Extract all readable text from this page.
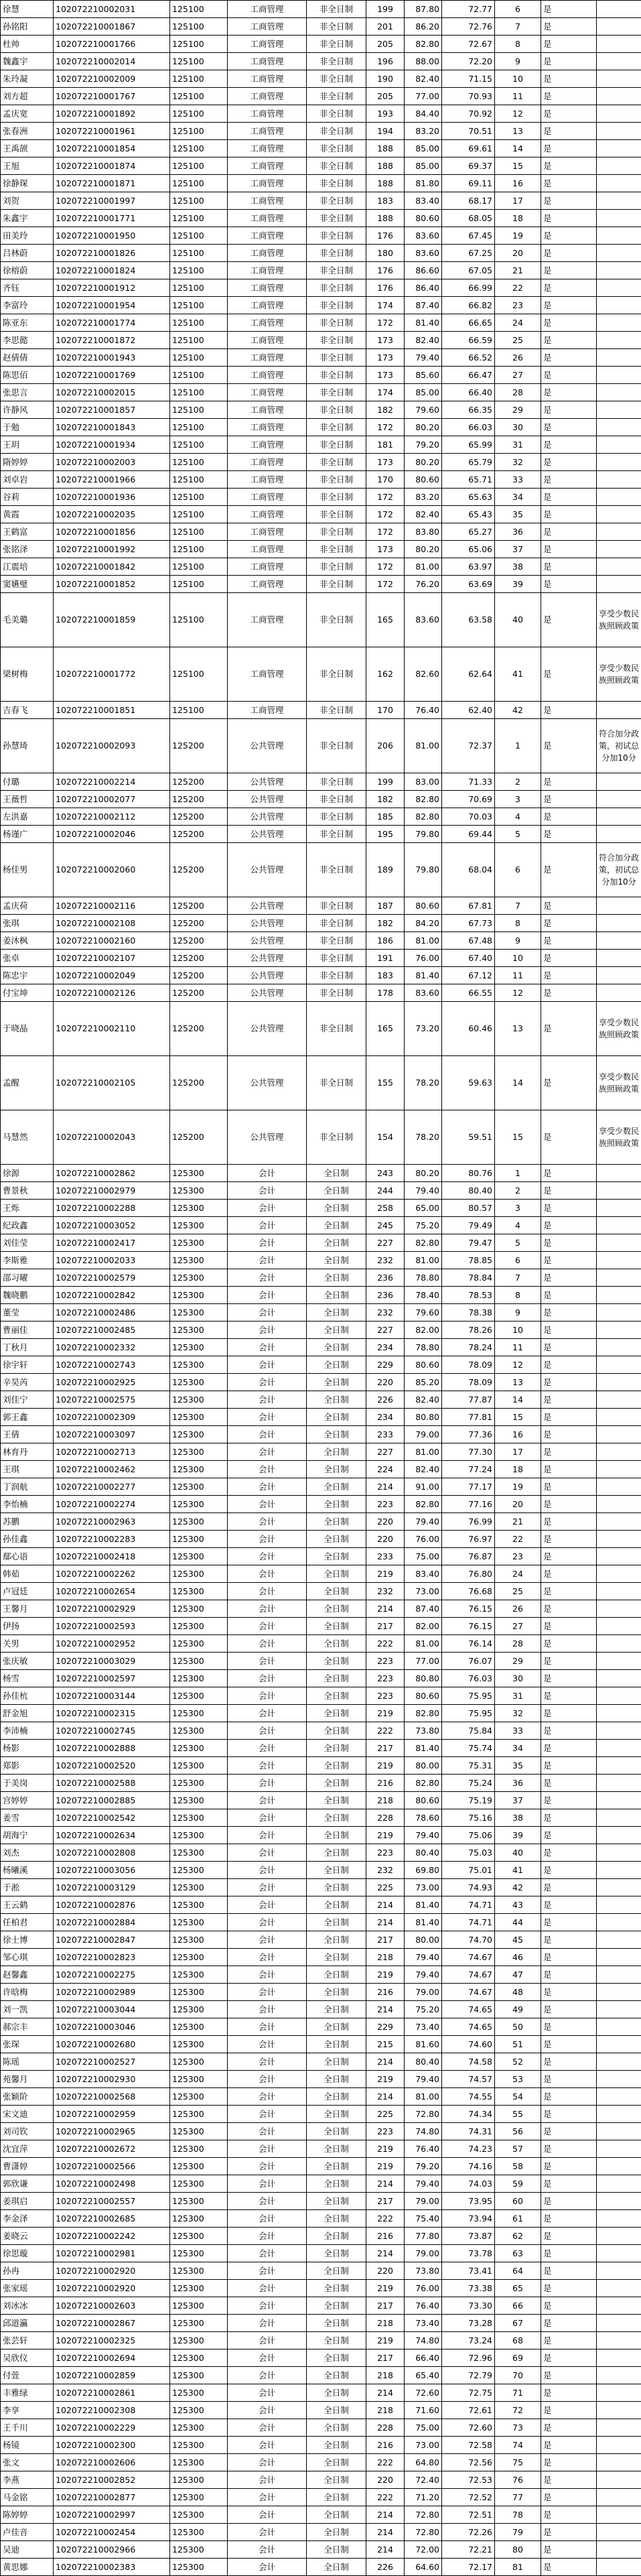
徐慧	102072210002031	125100	工商管理	非全日制	199	87.80	72.77	6	是	
孙铭阳	102072210001867	125100	工商管理	非全日制	201	86.20	72.76	7	是	
杜帅	102072210001766	125100	工商管理	非全日制	205	82.80	72.67	8	是	
魏鑫宇	102072210002014	125100	工商管理	非全日制	196	88.00	72.20	9	是	
朱玲凝	102072210002009	125100	工商管理	非全日制	190	82.40	71.15	10	是	
刘方超	102072210001767	125100	工商管理	非全日制	205	77.00	70.93	11	是	
孟庆宽	102072210001892	125100	工商管理	非全日制	193	84.40	70.92	12	是	
张春洲	102072210001961	125100	工商管理	非全日制	194	83.20	70.51	13	是	
王禹颉	102072210001854	125100	工商管理	非全日制	188	85.00	69.61	14	是	
王旭	102072210001874	125100	工商管理	非全日制	188	85.00	69.37	15	是	
徐静琛	102072210001871	125100	工商管理	非全日制	188	81.80	69.11	16	是	
刘贺	102072210001997	125100	工商管理	非全日制	183	83.40	68.17	17	是	
朱鑫宇	102072210001771	125100	工商管理	非全日制	188	80.60	68.05	18	是	
田美玲	102072210001950	125100	工商管理	非全日制	176	83.60	67.45	19	是	
吕林蔚	102072210001826	125100	工商管理	非全日制	180	83.60	67.25	20	是	
徐榕蔚	102072210001824	125100	工商管理	非全日制	176	86.60	67.05	21	是	
齐钰	102072210001912	125100	工商管理	非全日制	176	86.40	66.99	22	是	
李富玲	102072210001954	125100	工商管理	非全日制	174	87.40	66.82	23	是	
陈亚东	102072210001774	125100	工商管理	非全日制	172	81.40	66.65	24	是	
李思懿	102072210001872	125100	工商管理	非全日制	173	82.40	66.59	25	是	
赵倩倩	102072210001943	125100	工商管理	非全日制	173	79.40	66.52	26	是	
陈思佰	102072210001769	125100	工商管理	非全日制	173	85.60	66.47	27	是	
张思言	102072210002015	125100	工商管理	非全日制	174	85.00	66.40	28	是	
许静风	102072210001857	125100	工商管理	非全日制	182	79.60	66.35	29	是	
于勉	102072210001843	125100	工商管理	非全日制	172	80.20	66.03	30	是	
王玥	102072210001934	125100	工商管理	非全日制	181	79.20	65.99	31	是	
隋婷婷	102072210002003	125100	工商管理	非全日制	173	80.20	65.79	32	是	
刘卓岩	102072210001966	125100	工商管理	非全日制	170	80.60	65.71	33	是	
谷莉	102072210001936	125100	工商管理	非全日制	172	83.20	65.63	34	是	
黄霞	102072210002035	125100	工商管理	非全日制	172	82.40	65.43	35	是	
王鹤富	102072210001856	125100	工商管理	非全日制	172	83.80	65.27	36	是	
张铭泽	102072210001992	125100	工商管理	非全日制	173	80.20	65.06	37	是	
江震培	102072210001842	125100	工商管理	非全日制	172	81.00	63.97	38	是	
窦嬿璧	102072210001852	125100	工商管理	非全日制	172	76.20	63.69	39	是	
毛美璐	102072210001859	125100	工商管理	非全日制	165	83.60	63.58	40	是	享受少数民族照顾政策
梁树梅	102072210001772	125100	工商管理	非全日制	162	82.60	62.64	41	是	享受少数民族照顾政策
吉春飞	102072210001851	125100	工商管理	非全日制	170	76.40	62.40	42	是	
孙慧琦	102072210002093	125200	公共管理	非全日制	206	81.00	72.37	1	是	符合加分政策，初试总分加10分
付璐	102072210002214	125200	公共管理	非全日制	199	83.00	71.33	2	是	
王薇哲	102072210002077	125200	公共管理	非全日制	182	82.80	70.69	3	是	
左洪嘉	102072210002112	125200	公共管理	非全日制	185	82.80	70.03	4	是	
杨谨广	102072210002046	125200	公共管理	非全日制	195	79.80	69.44	5	是	
杨佳男	102072210002060	125200	公共管理	非全日制	189	79.80	68.04	6	是	符合加分政策，初试总分加10分
孟庆荷	102072210002116	125200	公共管理	非全日制	187	80.60	67.81	7	是	
张琪	102072210002108	125200	公共管理	非全日制	182	84.20	67.73	8	是	
姜沐枫	102072210002160	125200	公共管理	非全日制	186	81.00	67.48	9	是	
张卓	102072210002107	125200	公共管理	非全日制	191	76.00	67.40	10	是	
陈忠宇	102072210002049	125200	公共管理	非全日制	183	81.40	67.12	11	是	
付宝坤	102072210002126	125200	公共管理	非全日制	178	83.60	66.55	12	是	
于晓晶	102072210002110	125200	公共管理	非全日制	165	73.20	60.46	13	是	享受少数民族照顾政策
孟醒	102072210002105	125200	公共管理	非全日制	155	78.20	59.63	14	是	享受少数民族照顾政策
马慧然	102072210002043	125200	公共管理	非全日制	154	78.20	59.51	15	是	享受少数民族照顾政策
徐源	102072210002862	125300	会计	全日制	243	80.20	80.76	1	是	
曹景秋	102072210002979	125300	会计	全日制	244	79.40	80.40	2	是	
王烁	102072210002288	125300	会计	全日制	258	65.00	80.57	3	是	
纪政鑫	102072210003052	125300	会计	全日制	245	75.20	79.49	4	是	
刘佳莹	102072210002417	125300	会计	全日制	227	82.80	79.47	5	是	
李斯雅	102072210002033	125300	会计	全日制	232	81.00	78.85	6	是	
邵习曜	102072210002579	125300	会计	全日制	236	78.80	78.84	7	是	
魏晓鹏	102072210002842	125300	会计	全日制	236	78.40	78.53	8	是	
董莹	102072210002486	125300	会计	全日制	232	79.60	78.38	9	是	
曹丽佳	102072210002485	125300	会计	全日制	227	82.00	78.26	10	是	
丁秋月	102072210002332	125300	会计	全日制	234	78.80	78.24	11	是	
徐宇轩	102072210002743	125300	会计	全日制	229	80.60	78.09	12	是	
辛昊芮	102072210002925	125300	会计	全日制	220	85.20	78.09	13	是	
刘佳宁	102072210002575	125300	会计	全日制	226	82.40	77.87	14	是	
郭王鑫	102072210002309	125300	会计	全日制	234	80.80	77.81	15	是	
王倩	102072210003097	125300	会计	全日制	233	79.00	77.36	16	是	
林育丹	102072210002713	125300	会计	全日制	227	81.00	77.30	17	是	
王琪	102072210002462	125300	会计	全日制	224	82.40	77.24	18	是	
丁润航	102072210002277	125300	会计	全日制	214	91.00	77.17	19	是	
李怡楠	102072210002274	125300	会计	全日制	223	82.80	77.16	20	是	
苏鹏	102072210002963	125300	会计	全日制	220	79.40	76.99	21	是	
孙佳鑫	102072210002283	125300	会计	全日制	220	76.00	76.97	22	是	
鄢心语	102072210002418	125300	会计	全日制	233	75.00	76.87	23	是	
韩茹	102072210002262	125300	会计	全日制	219	83.40	76.80	24	是	
卢冠廷	102072210002654	125300	会计	全日制	232	73.00	76.68	25	是	
王馨月	102072210002929	125300	会计	全日制	214	87.40	76.15	26	是	
伊扬	102072210002593	125300	会计	全日制	217	82.00	76.15	27	是	
关男	102072210002952	125300	会计	全日制	222	81.00	76.14	28	是	
张庆敏	102072210003029	125300	会计	全日制	223	77.00	76.07	29	是	
杨雪	102072210002597	125300	会计	全日制	223	80.80	76.03	30	是	
孙佳杭	102072210003144	125300	会计	全日制	223	80.60	75.95	31	是	
舒金旭	102072210002315	125300	会计	全日制	219	82.80	75.95	32	是	
李沛楠	102072210002745	125300	会计	全日制	222	73.80	75.84	33	是	
杨影	102072210002888	125300	会计	全日制	217	81.40	75.74	34	是	
郑影	102072210002520	125300	会计	全日制	219	80.00	75.31	35	是	
于美岗	102072210002588	125300	会计	全日制	216	82.80	75.24	36	是	
宫婷婷	102072210002885	125300	会计	全日制	218	80.60	75.19	37	是	
姜雪	102072210002542	125300	会计	全日制	228	78.60	75.16	38	是	
胡海宁	102072210002634	125300	会计	全日制	219	79.40	75.06	39	是	
刘杰	102072210002808	125300	会计	全日制	223	80.40	75.03	40	是	
杨曦溪	102072210003056	125300	会计	全日制	232	69.80	75.01	41	是	
于淞	102072210003129	125300	会计	全日制	225	73.00	74.93	42	是	
王云鹤	102072210002876	125300	会计	全日制	214	81.40	74.71	43	是	
任柏君	102072210002884	125300	会计	全日制	214	81.40	74.71	44	是	
徐士博	102072210002847	125300	会计	全日制	217	80.00	74.70	45	是	
邹心琪	102072210002823	125300	会计	全日制	218	79.40	74.67	46	是	
赵馨鑫	102072210002275	125300	会计	全日制	219	79.40	74.67	47	是	
许晗梅	102072210002989	125300	会计	全日制	216	79.00	74.67	48	是	
刘一凯	102072210003044	125300	会计	全日制	214	75.20	74.65	49	是	
郝宗丰	102072210003046	125300	会计	全日制	229	73.40	74.65	50	是	
张琛	102072210002680	125300	会计	全日制	215	81.60	74.60	51	是	
陈瑶	102072210002527	125300	会计	全日制	214	80.40	74.58	52	是	
苑馨月	102072210002930	125300	会计	全日制	219	79.40	74.57	53	是	
张颖阶	102072210002568	125300	会计	全日制	214	81.00	74.55	54	是	
宋文迪	102072210002959	125300	会计	全日制	225	72.80	74.34	55	是	
刘司钦	102072210002965	125300	会计	全日制	223	74.80	74.31	56	是	
沈宜萍	102072210002672	125300	会计	全日制	219	76.40	74.23	57	是	
曹潇婷	102072210002566	125300	会计	全日制	219	79.20	74.16	58	是	
郭欣谦	102072210002498	125300	会计	全日制	214	79.40	74.03	59	是	
姜琪启	102072210002557	125300	会计	全日制	217	79.00	73.95	60	是	
李金泽	102072210002685	125300	会计	全日制	222	75.40	73.94	61	是	
姜晓云	102072210002242	125300	会计	全日制	216	77.80	73.87	62	是	
徐思璇	102072210002981	125300	会计	全日制	214	79.00	73.78	63	是	
孙冉	102072210002920	125300	会计	全日制	220	73.80	73.41	64	是	
张家瑶	102072210002920	125300	会计	全日制	219	76.00	73.38	65	是	
刘冰冰	102072210002603	125300	会计	全日制	217	76.40	73.30	66	是	
邱道瀛	102072210002867	125300	会计	全日制	218	73.40	73.28	67	是	
张芸轩	102072210002325	125300	会计	全日制	219	74.80	73.24	68	是	
吴欣仪	102072210002694	125300	会计	全日制	217	66.40	72.96	69	是	
付萱	102072210002859	125300	会计	全日制	218	65.40	72.79	70	是	
丰雅绿	102072210002861	125300	会计	全日制	214	72.60	72.75	71	是	
李享	102072210002308	125300	会计	全日制	218	71.60	72.61	72	是	
王千川	102072210002229	125300	会计	全日制	228	75.00	72.60	73	是	
杨镜	102072210002300	125300	会计	全日制	216	73.00	72.58	74	是	
张文	102072210002606	125300	会计	全日制	222	64.80	72.56	75	是	
李燕	102072210002852	125300	会计	全日制	220	72.40	72.53	76	是	
马金铭	102072210002877	125300	会计	全日制	222	71.20	72.52	77	是	
陈婷婷	102072210002997	125300	会计	全日制	214	72.80	72.51	78	是	
卢佳音	102072210002454	125300	会计	全日制	214	72.80	72.26	79	是	
吴迪	102072210002966	125300	会计	全日制	214	72.00	72.21	80	是	
黄思娜	102072210002383	125300	会计	全日制	226	64.60	72.17	81	是	
